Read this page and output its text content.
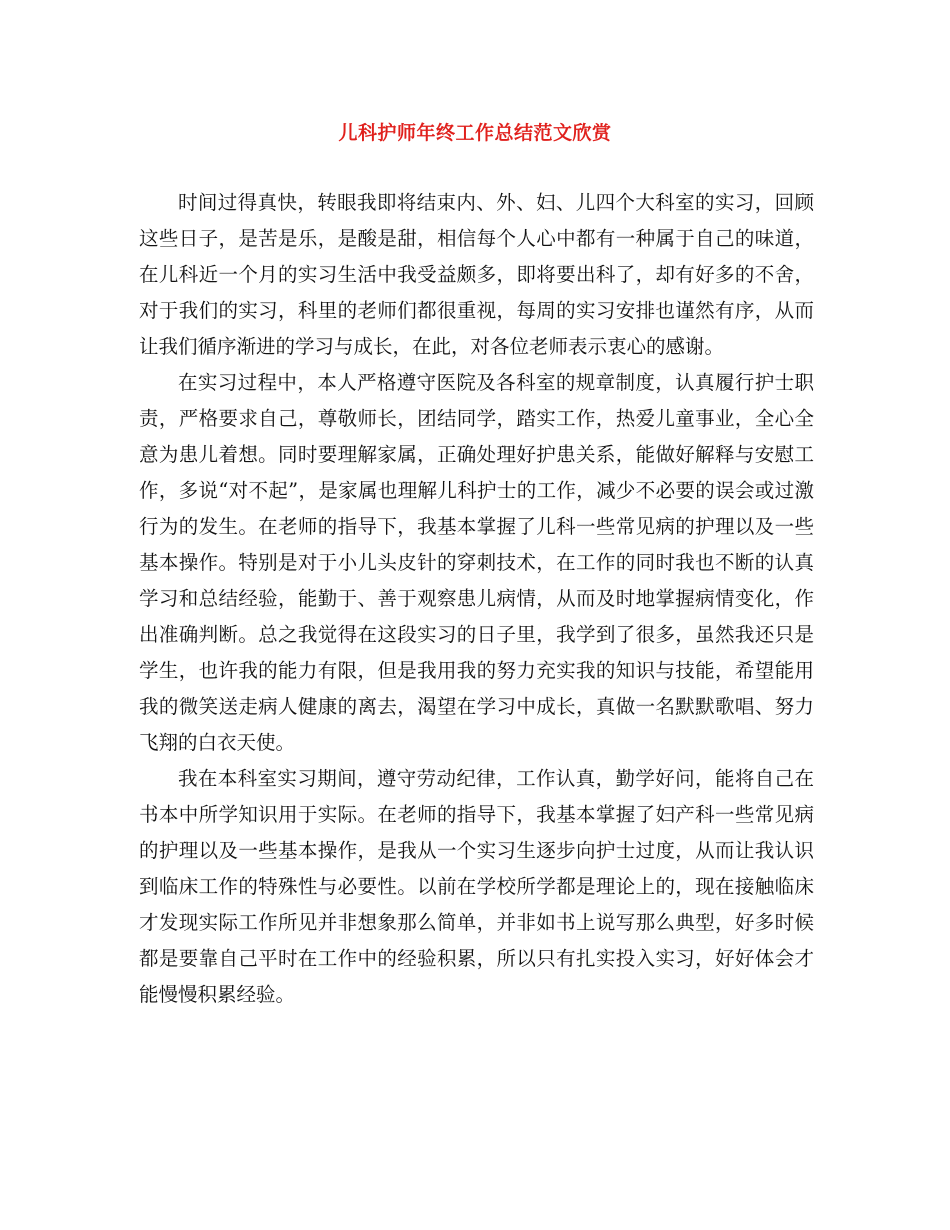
儿科护师年终工作总结范文欣赏

时间过得真快，转眼我即将结束内、外、妇、儿四个大科室的实习，回顾这些日子，是苦是乐，是酸是甜，相信每个人心中都有一种属于自己的味道，在儿科近一个月的实习生活中我受益颇多，即将要出科了，却有好多的不舍，对于我们的实习，科里的老师们都很重视，每周的实习安排也谨然有序，从而让我们循序渐进的学习与成长，在此，对各位老师表示衷心的感谢。

在实习过程中，本人严格遵守医院及各科室的规章制度，认真履行护士职责，严格要求自己，尊敬师长，团结同学，踏实工作，热爱儿童事业，全心全意为患儿着想。同时要理解家属，正确处理好护患关系，能做好解释与安慰工作，多说“对不起”，是家属也理解儿科护士的工作，减少不必要的误会或过激行为的发生。在老师的指导下，我基本掌握了儿科一些常见病的护理以及一些基本操作。特别是对于小儿头皮针的穿刺技术，在工作的同时我也不断的认真学习和总结经验，能勤于、善于观察患儿病情，从而及时地掌握病情变化，作出准确判断。总之我觉得在这段实习的日子里，我学到了很多，虽然我还只是学生，也许我的能力有限，但是我用我的努力充实我的知识与技能，希望能用我的微笑送走病人健康的离去，渴望在学习中成长，真做一名默默歌唱、努力飞翔的白衣天使。

我在本科室实习期间，遵守劳动纪律，工作认真，勤学好问，能将自己在书本中所学知识用于实际。在老师的指导下，我基本掌握了妇产科一些常见病的护理以及一些基本操作，是我从一个实习生逐步向护士过度，从而让我认识到临床工作的特殊性与必要性。以前在学校所学都是理论上的，现在接触临床才发现实际工作所见并非想象那么简单，并非如书上说写那么典型，好多时候都是要靠自己平时在工作中的经验积累，所以只有扎实投入实习，好好体会才能慢慢积累经验。
